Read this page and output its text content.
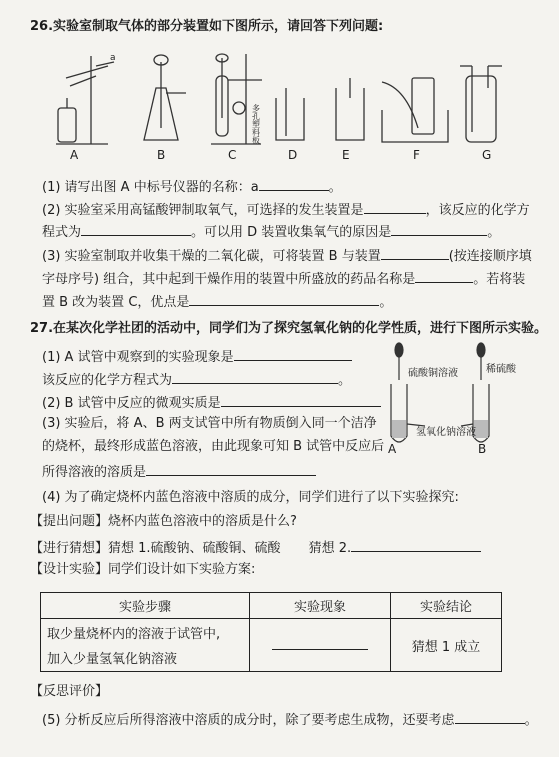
26.实验室制取气体的部分装置如下图所示，请回答下列问题:
a
多孔塑料板
A	B	C	D	E	F	G
(1) 请写出图 A 中标号仪器的名称：a	。
(2) 实验室采用高锰酸钾制取氧气，可选择的发生装置是	，该反应的化学方
程式为	。可以用 D 装置收集氧气的原因是	。
(3) 实验室制取并收集干燥的二氧化碳，可将装置 B 与装置	(按连接顺序填
字母序号) 组合，其中起到干燥作用的装置中所盛放的药品名称是	。若将装
置 B 改为装置 C，优点是	。
27.在某次化学社团的活动中，同学们为了探究氢氧化钠的化学性质，进行下图所示实验。
(1) A 试管中观察到的实验现象是
该反应的化学方程式为	。
(2) B 试管中反应的微观实质是
(3) 实验后，将 A、B 两支试管中所有物质倒入同一个洁净
的烧杯，最终形成蓝色溶液，由此现象可知 B 试管中反应后
所得溶液的溶质是
硫酸铜溶液	稀硫酸
氢氧化钠溶液
A	B
(4) 为了确定烧杯内蓝色溶液中溶质的成分，同学们进行了以下实验探究:
【提出问题】烧杯内蓝色溶液中的溶质是什么?
【进行猜想】猜想 1.硫酸钠、硫酸铜、硫酸 猜想 2.
【设计实验】同学们设计如下实验方案:
实验步骤	实验现象	实验结论

取少量烧杯内的溶液于试管中,
加入少量氢氧化钠溶液		猜想 1 成立
【反思评价】
(5) 分析反应后所得溶液中溶质的成分时，除了要考虑生成物，还要考虑	。
